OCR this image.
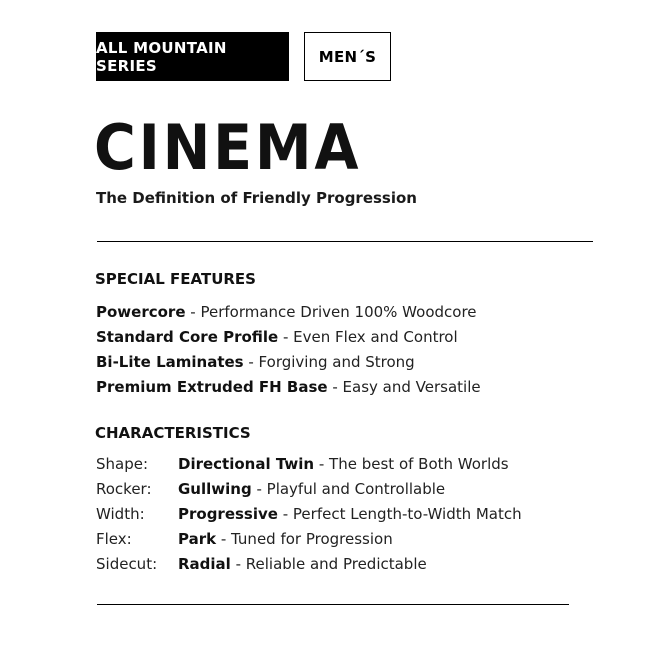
ALL MOUNTAIN SERIES	MEN´S
CINEMA
The Definition of Friendly Progression
SPECIAL FEATURES
Powercore - Performance Driven 100% Woodcore
Standard Core Profile - Even Flex and Control
Bi-Lite Laminates - Forgiving and Strong
Premium Extruded FH Base - Easy and Versatile
CHARACTERISTICS
Shape: Directional Twin - The best of Both Worlds
Rocker: Gullwing - Playful and Controllable
Width: Progressive - Perfect Length-to-Width Match
Flex:	Park - Tuned for Progression
Sidecut: Radial - Reliable and Predictable
